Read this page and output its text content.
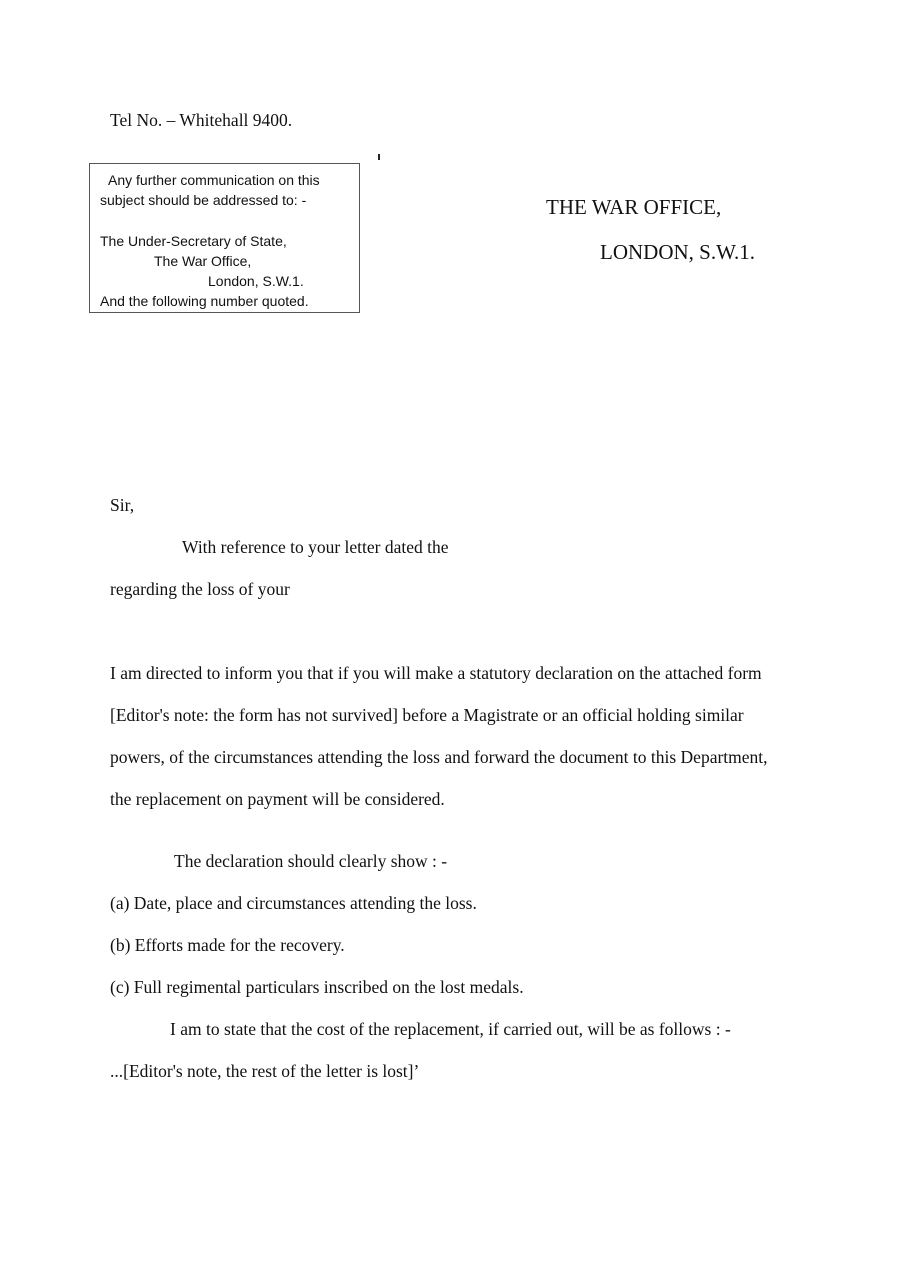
Tel No. – Whitehall 9400.
Any further communication on this
subject should be addressed to: -
The Under-Secretary of State,
The War Office,
London, S.W.1.
And the following number quoted.
THE WAR OFFICE,
LONDON, S.W.1.
Sir,
With reference to your letter dated the
regarding the loss of your
I am directed to inform you that if you will make a statutory declaration on the attached form
[Editor's note: the form has not survived] before a Magistrate or an official holding similar
powers, of the circumstances attending the loss and forward the document to this Department,
the replacement on payment will be considered.
The declaration should clearly show : -
(a) Date, place and circumstances attending the loss.
(b) Efforts made for the recovery.
(c) Full regimental particulars inscribed on the lost medals.
I am to state that the cost of the replacement, if carried out, will be as follows : -
...[Editor's note, the rest of the letter is lost]’
